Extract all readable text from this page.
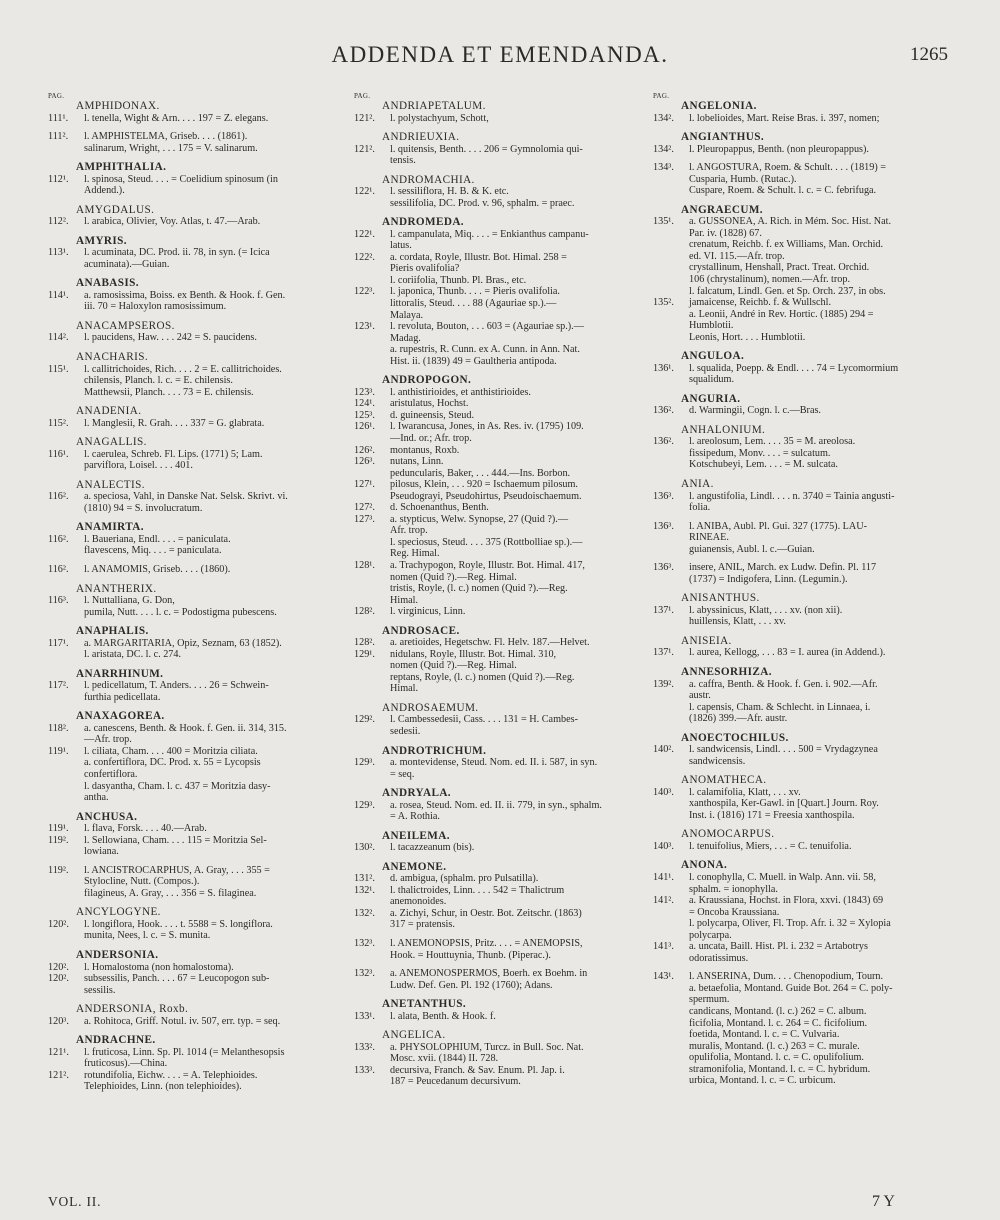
ADDENDA ET EMENDANDA.	1265
PAG.
AMPHIDONAX.
111¹. l. tenella, Wight & Arn. . . . 197 = Z. elegans.
111². l. AMPHISTELMA, Griseb. . . . (1861).
salinarum, Wright, . . . 175 = V. salinarum.
AMPHITHALIA.
112¹. l. spinosa, Steud. . . . = Coelidium spinosum (in
Addend.).
AMYGDALUS.
112². l. arabica, Olivier, Voy. Atlas, t. 47.—Arab.
AMYRIS.
113¹. l. acuminata, DC. Prod. ii. 78, in syn. (= Icica
acuminata).—Guian.
ANABASIS.
114¹. a. ramosissima, Boiss. ex Benth. & Hook. f. Gen.
iii. 70 = Haloxylon ramosissimum.
ANACAMPSEROS.
114². l. paucidens, Haw. . . . 242 = S. paucidens.
ANACHARIS.
115¹. l. callitrichoides, Rich. . . . 2 = E. callitrichoides.
chilensis, Planch. l. c. = E. chilensis.
Matthewsii, Planch. . . . 73 = E. chilensis.
ANADENIA.
115². l. Manglesii, R. Grah. . . . 337 = G. glabrata.
ANAGALLIS.
116¹. l. caerulea, Schreb. Fl. Lips. (1771) 5; Lam.
parviflora, Loisel. . . . 401.
ANALECTIS.
116². a. speciosa, Vahl, in Danske Nat. Selsk. Skrivt. vi.
(1810) 94 = S. involucratum.
ANAMIRTA.
116². l. Baueriana, Endl. . . . = paniculata.
flavescens, Miq. . . . = paniculata.
116². l. ANAMOMIS, Griseb. . . . (1860).
ANANTHERIX.
116³. l. Nuttalliana, G. Don,
pumila, Nutt. . . . l. c. = Podostigma pubescens.
ANAPHALIS.
117¹. a. MARGARITARIA, Opiz, Seznam, 63 (1852).
l. aristata, DC. l. c. 274.
ANARRHINUM.
117². l. pedicellatum, T. Anders. . . . 26 = Schwein-
furthia pedicellata.
ANAXAGOREA.
118². a. canescens, Benth. & Hook. f. Gen. ii. 314, 315.
—Afr. trop.
119¹. l. ciliata, Cham. . . . 400 = Moritzia ciliata.
a. confertiflora, DC. Prod. x. 55 = Lycopsis
confertiflora.
l. dasyantha, Cham. l. c. 437 = Moritzia dasy-
antha.
ANCHUSA.
119¹. l. flava, Forsk. . . . 40.—Arab.
119². l. Sellowiana, Cham. . . . 115 = Moritzia Sel-
lowiana.
119². l. ANCISTROCARPHUS, A. Gray, . . . 355 =
Stylocline, Nutt. (Compos.).
filagineus, A. Gray, . . . 356 = S. filaginea.
ANCYLOGYNE.
120². l. longiflora, Hook. . . . t. 5588 = S. longiflora.
munita, Nees, l. c. = S. munita.
ANDERSONIA.
120². l. Homalostoma (non homalostoma).
120². subsessilis, Panch. . . . 67 = Leucopogon sub-
sessilis.
ANDERSONIA, Roxb.
120³. a. Rohitoca, Griff. Notul. iv. 507, err. typ. = seq.
ANDRACHNE.
121¹. l. fruticosa, Linn. Sp. Pl. 1014 (= Melanthesopsis
fruticosus).—China.
121². rotundifolia, Eichw. . . . = A. Telephioides.
Telephioides, Linn. (non telephioides).
PAG.
ANDRIAPETALUM.
121². l. polystachyum, Schott,
ANDRIEUXIA.
121². l. quitensis, Benth. . . . 206 = Gymnolomia qui-
tensis.
ANDROMACHIA.
122¹. l. sessiliflora, H. B. & K. etc.
sessilifolia, DC. Prod. v. 96, sphalm. = praec.
ANDROMEDA.
122¹. l. campanulata, Miq. . . . = Enkianthus campanu-
latus.
122². a. cordata, Royle, Illustr. Bot. Himal. 258 =
Pieris ovalifolia?
l. coriifolia, Thunb. Pl. Bras., etc.
122³. l. japonica, Thunb. . . . = Pieris ovalifolia.
littoralis, Steud. . . . 88 (Agauriae sp.).—
Malaya.
123¹. l. revoluta, Bouton, . . . 603 = (Agauriae sp.).—
Madag.
a. rupestris, R. Cunn. ex A. Cunn. in Ann. Nat.
Hist. ii. (1839) 49 = Gaultheria antipoda.
ANDROPOGON.
123³. l. anthistirioides, et anthistirioides.
124¹. aristulatus, Hochst.
125³. d. guineensis, Steud.
126¹. l. Iwarancusa, Jones, in As. Res. iv. (1795) 109.
—Ind. or.; Afr. trop.
126². montanus, Roxb.
126³. nutans, Linn.
peduncularis, Baker, . . . 444.—Ins. Borbon.
127¹. pilosus, Klein, . . . 920 = Ischaemum pilosum.
Pseudograyi, Pseudohirtus, Pseudoischaemum.
127². d. Schoenanthus, Benth.
127³. a. stypticus, Welw. Synopse, 27 (Quid ?).—
Afr. trop.
l. speciosus, Steud. . . . 375 (Rottbolliae sp.).—
Reg. Himal.
128¹. a. Trachypogon, Royle, Illustr. Bot. Himal. 417,
nomen (Quid ?).—Reg. Himal.
tristis, Royle, (l. c.) nomen (Quid ?).—Reg.
Himal.
128². l. virginicus, Linn.
ANDROSACE.
128². a. aretioides, Hegetschw. Fl. Helv. 187.—Helvet.
129¹. nidulans, Royle, Illustr. Bot. Himal. 310,
nomen (Quid ?).—Reg. Himal.
reptans, Royle, (l. c.) nomen (Quid ?).—Reg.
Himal.
ANDROSAEMUM.
129². l. Cambessedesii, Cass. . . . 131 = H. Cambes-
sedesii.
ANDROTRICHUM.
129³. a. montevidense, Steud. Nom. ed. II. i. 587, in syn.
= seq.
ANDRYALA.
129³. a. rosea, Steud. Nom. ed. II. ii. 779, in syn., sphalm.
= A. Rothia.
ANEILEMA.
130². l. tacazzeanum (bis).
ANEMONE.
131². d. ambigua, (sphalm. pro Pulsatilla).
132¹. l. thalictroides, Linn. . . . 542 = Thalictrum
anemonoides.
132². a. Zichyi, Schur, in Oestr. Bot. Zeitschr. (1863)
317 = pratensis.
132³. l. ANEMONOPSIS, Pritz. . . . = ANEMOPSIS,
Hook. = Houttuynia, Thunb. (Piperac.).
132³. a. ANEMONOSPERMOS, Boerh. ex Boehm. in
Ludw. Def. Gen. Pl. 192 (1760); Adans.
ANETANTHUS.
133¹. l. alata, Benth. & Hook. f.
ANGELICA.
133². a. PHYSOLOPHIUM, Turcz. in Bull. Soc. Nat.
Mosc. xvii. (1844) II. 728.
133³. decursiva, Franch. & Sav. Enum. Pl. Jap. i.
187 = Peucedanum decursivum.
PAG.
ANGELONIA.
134². l. lobelioides, Mart. Reise Bras. i. 397, nomen;
ANGIANTHUS.
134². l. Pleuropappus, Benth. (non pleuropappus).
134³. l. ANGOSTURA, Roem. & Schult. . . . (1819) =
Cusparia, Humb. (Rutac.).
Cuspare, Roem. & Schult. l. c. = C. febrifuga.
ANGRAECUM.
135¹. a. GUSSONEA, A. Rich. in Mém. Soc. Hist. Nat.
Par. iv. (1828) 67.
crenatum, Reichb. f. ex Williams, Man. Orchid.
ed. VI. 115.—Afr. trop.
crystallinum, Henshall, Pract. Treat. Orchid.
106 (chrystalinum), nomen.—Afr. trop.
l. falcatum, Lindl. Gen. et Sp. Orch. 237, in obs.
135². jamaicense, Reichb. f. & Wullschl.
a. Leonii, André in Rev. Hortic. (1885) 294 =
Humblotii.
Leonis, Hort. . . . Humblotii.
ANGULOA.
136¹. l. squalida, Poepp. & Endl. . . . 74 = Lycomormium
squalidum.
ANGURIA.
136². d. Warmingii, Cogn. l. c.—Bras.
ANHALONIUM.
136². l. areolosum, Lem. . . . 35 = M. areolosa.
fissipedum, Monv. . . . = sulcatum.
Kotschubeyi, Lem. . . . = M. sulcata.
ANIA.
136³. l. angustifolia, Lindl. . . . n. 3740 = Tainia angusti-
folia.
136³. l. ANIBA, Aubl. Pl. Gui. 327 (1775). LAU-
RINEAE.
guianensis, Aubl. l. c.—Guian.
136³. insere, ANIL, March. ex Ludw. Defin. Pl. 117
(1737) = Indigofera, Linn. (Legumin.).
ANISANTHUS.
137¹. l. abyssinicus, Klatt, . . . xv. (non xii).
huillensis, Klatt, . . . xv.
ANISEIA.
137¹. l. aurea, Kellogg, . . . 83 = I. aurea (in Addend.).
ANNESORHIZA.
139². a. caffra, Benth. & Hook. f. Gen. i. 902.—Afr.
austr.
l. capensis, Cham. & Schlecht. in Linnaea, i.
(1826) 399.—Afr. austr.
ANOECTOCHILUS.
140². l. sandwicensis, Lindl. . . . 500 = Vrydagzynea
sandwicensis.
ANOMATHECA.
140³. l. calamifolia, Klatt, . . . xv.
xanthospila, Ker-Gawl. in [Quart.] Journ. Roy.
Inst. i. (1816) 171 = Freesia xanthospila.
ANOMOCARPUS.
140³. l. tenuifolius, Miers, . . . = C. tenuifolia.
ANONA.
141¹. l. conophylla, C. Muell. in Walp. Ann. vii. 58,
sphalm. = ionophylla.
141². a. Kraussiana, Hochst. in Flora, xxvi. (1843) 69
= Oncoba Kraussiana.
l. polycarpa, Oliver, Fl. Trop. Afr. i. 32 = Xylopia
polycarpa.
141³. a. uncata, Baill. Hist. Pl. i. 232 = Artabotrys
odoratissimus.
143¹. l. ANSERINA, Dum. . . . Chenopodium, Tourn.
a. betaefolia, Montand. Guide Bot. 264 = C. poly-
spermum.
candicans, Montand. (l. c.) 262 = C. album.
ficifolia, Montand. l. c. 264 = C. ficifolium.
foetida, Montand. l. c. = C. Vulvaria.
muralis, Montand. (l. c.) 263 = C. murale.
opulifolia, Montand. l. c. = C. opulifolium.
stramonifolia, Montand. l. c. = C. hybridum.
urbica, Montand. l. c. = C. urbicum.
VOL. II.	7 Y
